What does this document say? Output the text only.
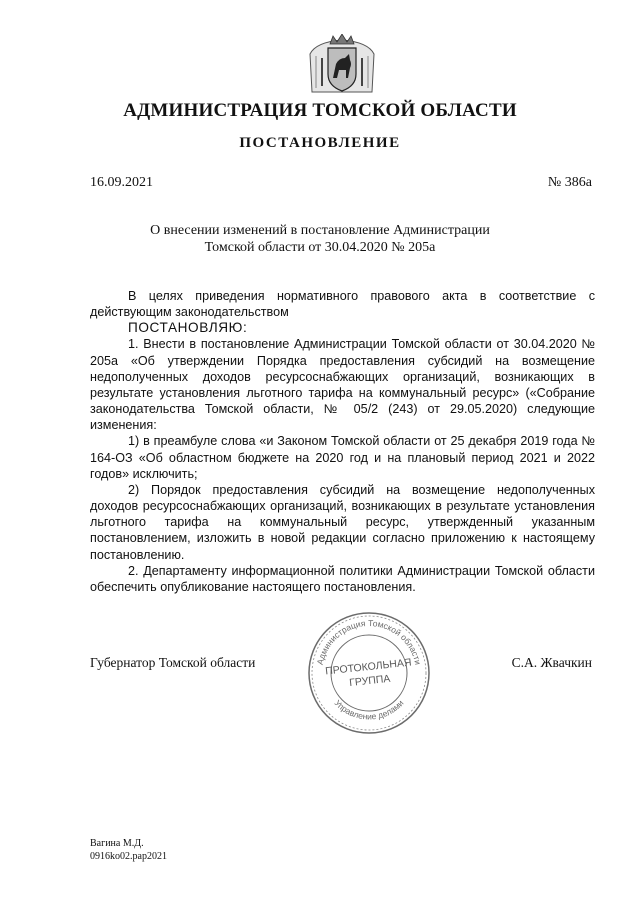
АДМИНИСТРАЦИЯ ТОМСКОЙ ОБЛАСТИ
ПОСТАНОВЛЕНИЕ
16.09.2021	№ 386а
О внесении изменений в постановление Администрации
Томской области от 30.04.2020 № 205а

В целях приведения нормативного правового акта в соответствие с действующим законодательством

ПОСТАНОВЛЯЮ:

1. Внести в постановление Администрации Томской области от 30.04.2020 № 205а «Об утверждении Порядка предоставления субсидий на возмещение недополученных доходов ресурсоснабжающих организаций, возникающих в результате установления льготного тарифа на коммунальный ресурс» («Собрание законодательства Томской области, № 05/2 (243) от 29.05.2020) следующие изменения:

1) в преамбуле слова «и Законом Томской области от 25 декабря 2019 года № 164-ОЗ «Об областном бюджете на 2020 год и на плановый период 2021 и 2022 годов» исключить;

2) Порядок предоставления субсидий на возмещение недополученных доходов ресурсоснабжающих организаций, возникающих в результате установления льготного тарифа на коммунальный ресурс, утвержденный указанным постановлением, изложить в новой редакции согласно приложению к настоящему постановлению.

2. Департаменту информационной политики Администрации Томской области обеспечить опубликование настоящего постановления.

Губернатор Томской области	С.А. Жвачкин
Администрация Томской области
Управление делами
ПРОТОКОЛЬНАЯ
ГРУППА
Вагина М.Д.
0916ko02.pap2021
